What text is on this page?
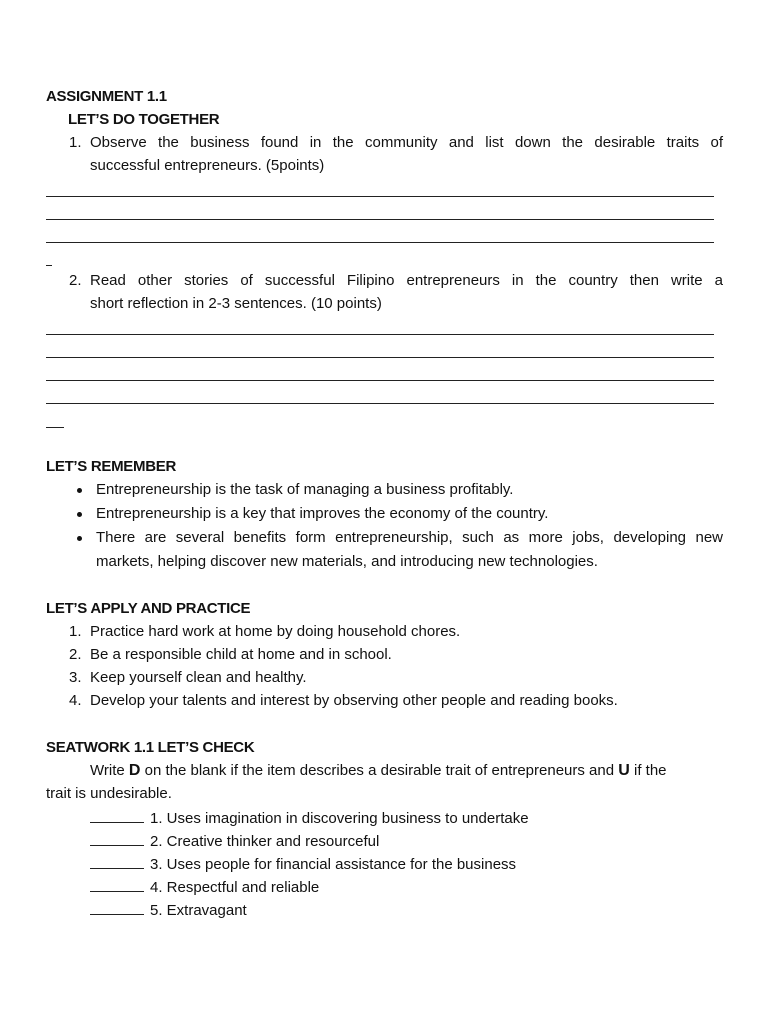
ASSIGNMENT 1.1
LET’S DO TOGETHER
1. Observe the business found in the community and list down the desirable traits of
successful entrepreneurs. (5points)
2. Read other stories of successful Filipino entrepreneurs in the country then write a
short reflection in 2-3 sentences. (10 points)
LET’S REMEMBER
Entrepreneurship is the task of managing a business profitably.
Entrepreneurship is a key that improves the economy of the country.
There are several benefits form entrepreneurship, such as more jobs, developing new
markets, helping discover new materials, and introducing new technologies.
LET’S APPLY AND PRACTICE
1. Practice hard work at home by doing household chores.
2. Be a responsible child at home and in school.
3. Keep yourself clean and healthy.
4. Develop your talents and interest by observing other people and reading books.
SEATWORK 1.1 LET’S CHECK
Write D on the blank if the item describes a desirable trait of entrepreneurs and U if the
trait is undesirable.
1. Uses imagination in discovering business to undertake
2. Creative thinker and resourceful
3. Uses people for financial assistance for the business
4. Respectful and reliable
5. Extravagant
